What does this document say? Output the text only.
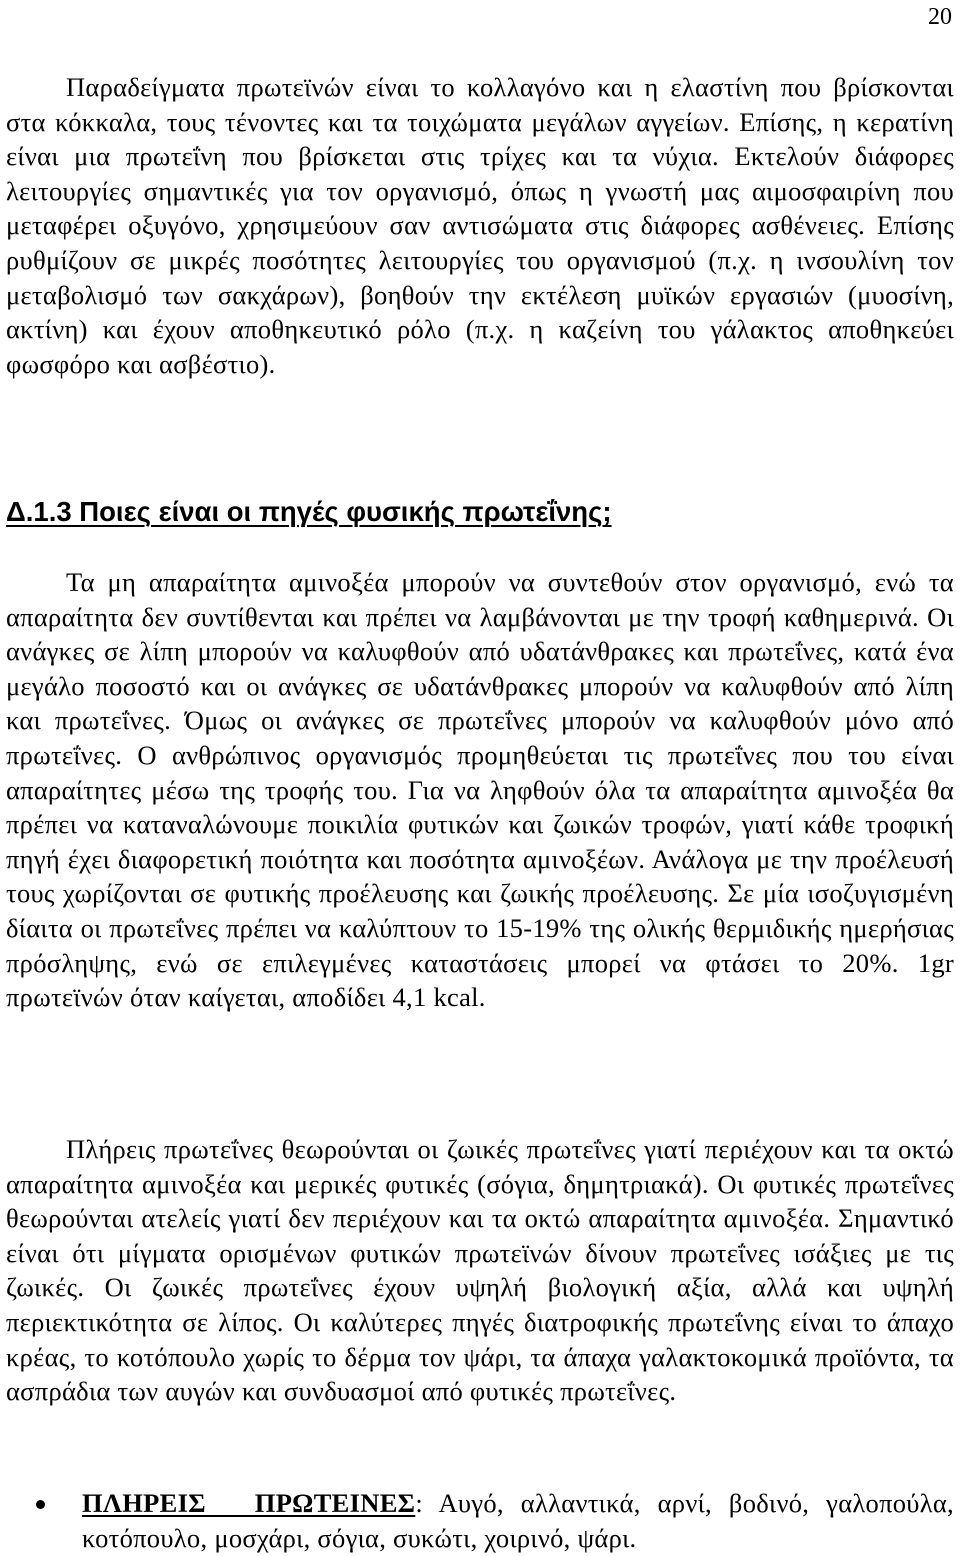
20

Παραδείγματα πρωτεϊνών είναι το κολλαγόνο και η ελαστίνη που βρίσκονται στα κόκκαλα, τους τένοντες και τα τοιχώματα μεγάλων αγγείων. Επίσης, η κερατίνη είναι μια πρωτεΐνη που βρίσκεται στις τρίχες και τα νύχια. Εκτελούν διάφορες λειτουργίες σημαντικές για τον οργανισμό, όπως η γνωστή μας αιμοσφαιρίνη που μεταφέρει οξυγόνο, χρησιμεύουν σαν αντισώματα στις διάφορες ασθένειες. Επίσης ρυθμίζουν σε μικρές ποσότητες λειτουργίες του οργανισμού (π.χ. η ινσουλίνη τον μεταβολισμό των σακχάρων), βοηθούν την εκτέλεση μυϊκών εργασιών (μυοσίνη, ακτίνη) και έχουν αποθηκευτικό ρόλο (π.χ. η καζείνη του γάλακτος αποθηκεύει φωσφόρο και ασβέστιο).

Δ.1.3 Ποιες είναι οι πηγές φυσικής πρωτεΐνης;

Τα μη απαραίτητα αμινοξέα μπορούν να συντεθούν στον οργανισμό, ενώ τα απαραίτητα δεν συντίθενται και πρέπει να λαμβάνονται με την τροφή καθημερινά. Οι ανάγκες σε λίπη μπορούν να καλυφθούν από υδατάνθρακες και πρωτεΐνες, κατά ένα μεγάλο ποσοστό και οι ανάγκες σε υδατάνθρακες μπορούν να καλυφθούν από λίπη και πρωτεΐνες. Όμως οι ανάγκες σε πρωτεΐνες μπορούν να καλυφθούν μόνο από πρωτεΐνες. Ο ανθρώπινος οργανισμός προμηθεύεται τις πρωτεΐνες που του είναι απαραίτητες μέσω της τροφής του. Για να ληφθούν όλα τα απαραίτητα αμινοξέα θα πρέπει να καταναλώνουμε ποικιλία φυτικών και ζωικών τροφών, γιατί κάθε τροφική πηγή έχει διαφορετική ποιότητα και ποσότητα αμινοξέων. Ανάλογα με την προέλευσή τους χωρίζονται σε φυτικής προέλευσης και ζωικής προέλευσης. Σε μία ισοζυγισμένη δίαιτα οι πρωτεΐνες πρέπει να καλύπτουν το 15-19% της ολικής θερμιδικής ημερήσιας πρόσληψης, ενώ σε επιλεγμένες καταστάσεις μπορεί να φτάσει το 20%. 1gr πρωτεϊνών όταν καίγεται, αποδίδει 4,1 kcal.

Πλήρεις πρωτεΐνες θεωρούνται οι ζωικές πρωτεΐνες γιατί περιέχουν και τα οκτώ απαραίτητα αμινοξέα και μερικές φυτικές (σόγια, δημητριακά). Οι φυτικές πρωτεΐνες θεωρούνται ατελείς γιατί δεν περιέχουν και τα οκτώ απαραίτητα αμινοξέα. Σημαντικό είναι ότι μίγματα ορισμένων φυτικών πρωτεϊνών δίνουν πρωτεΐνες ισάξιες με τις ζωικές. Οι ζωικές πρωτεΐνες έχουν υψηλή βιολογική αξία, αλλά και υψηλή περιεκτικότητα σε λίπος. Οι καλύτερες πηγές διατροφικής πρωτεΐνης είναι το άπαχο κρέας, το κοτόπουλο χωρίς το δέρμα τον ψάρι, τα άπαχα γαλακτοκομικά προϊόντα, τα ασπράδια των αυγών και συνδυασμοί από φυτικές πρωτεΐνες.

ΠΛΗΡΕΙΣ ΠΡΩΤΕΙΝΕΣ: Αυγό, αλλαντικά, αρνί, βοδινό, γαλοπούλα, κοτόπουλο, μοσχάρι, σόγια, συκώτι, χοιρινό, ψάρι.
